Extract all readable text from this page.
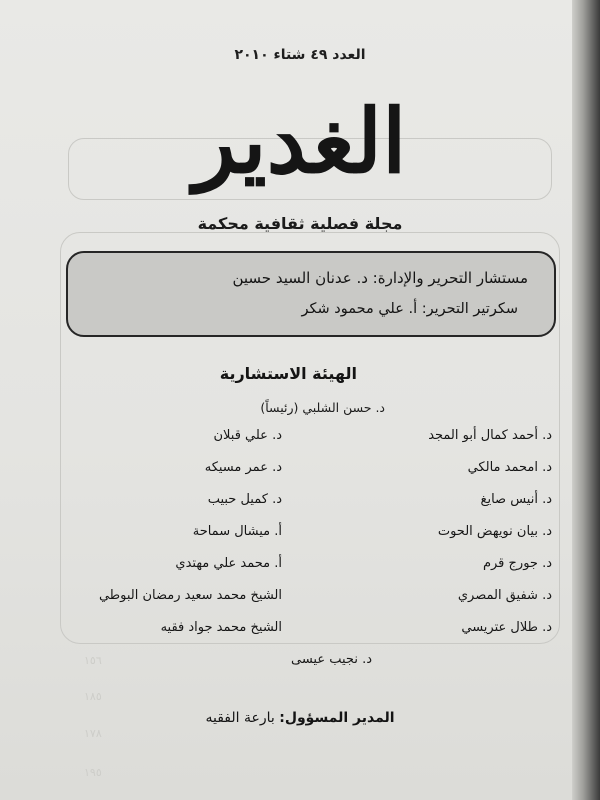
١٥٦
١٨٥
١٧٨
١٩٥
العدد ٤٩ شتاء ٢٠١٠
الغدير
مجلة فصلية ثقافية محكمة
مستشار التحرير والإدارة: د. عدنان السيد حسين
سكرتير التحرير: أ. علي محمود شكر
الهيئة الاستشارية
د. حسن الشلبي (رئيساً)
د. أحمد كمال أبو المجد
د. امحمد مالكي
د. أنيس صايغ
د. بيان نويهض الحوت
د. جورج قرم
د. شفيق المصري
د. طلال عتريسي
د. علي قبلان
د. عمر مسيكه
د. كميل حبيب
أ. ميشال سماحة
أ. محمد علي مهتدي
الشيخ محمد سعيد رمضان البوطي
الشيخ محمد جواد فقيه
د. نجيب عيسى
المدير المسؤول: بارعة الفقيه
